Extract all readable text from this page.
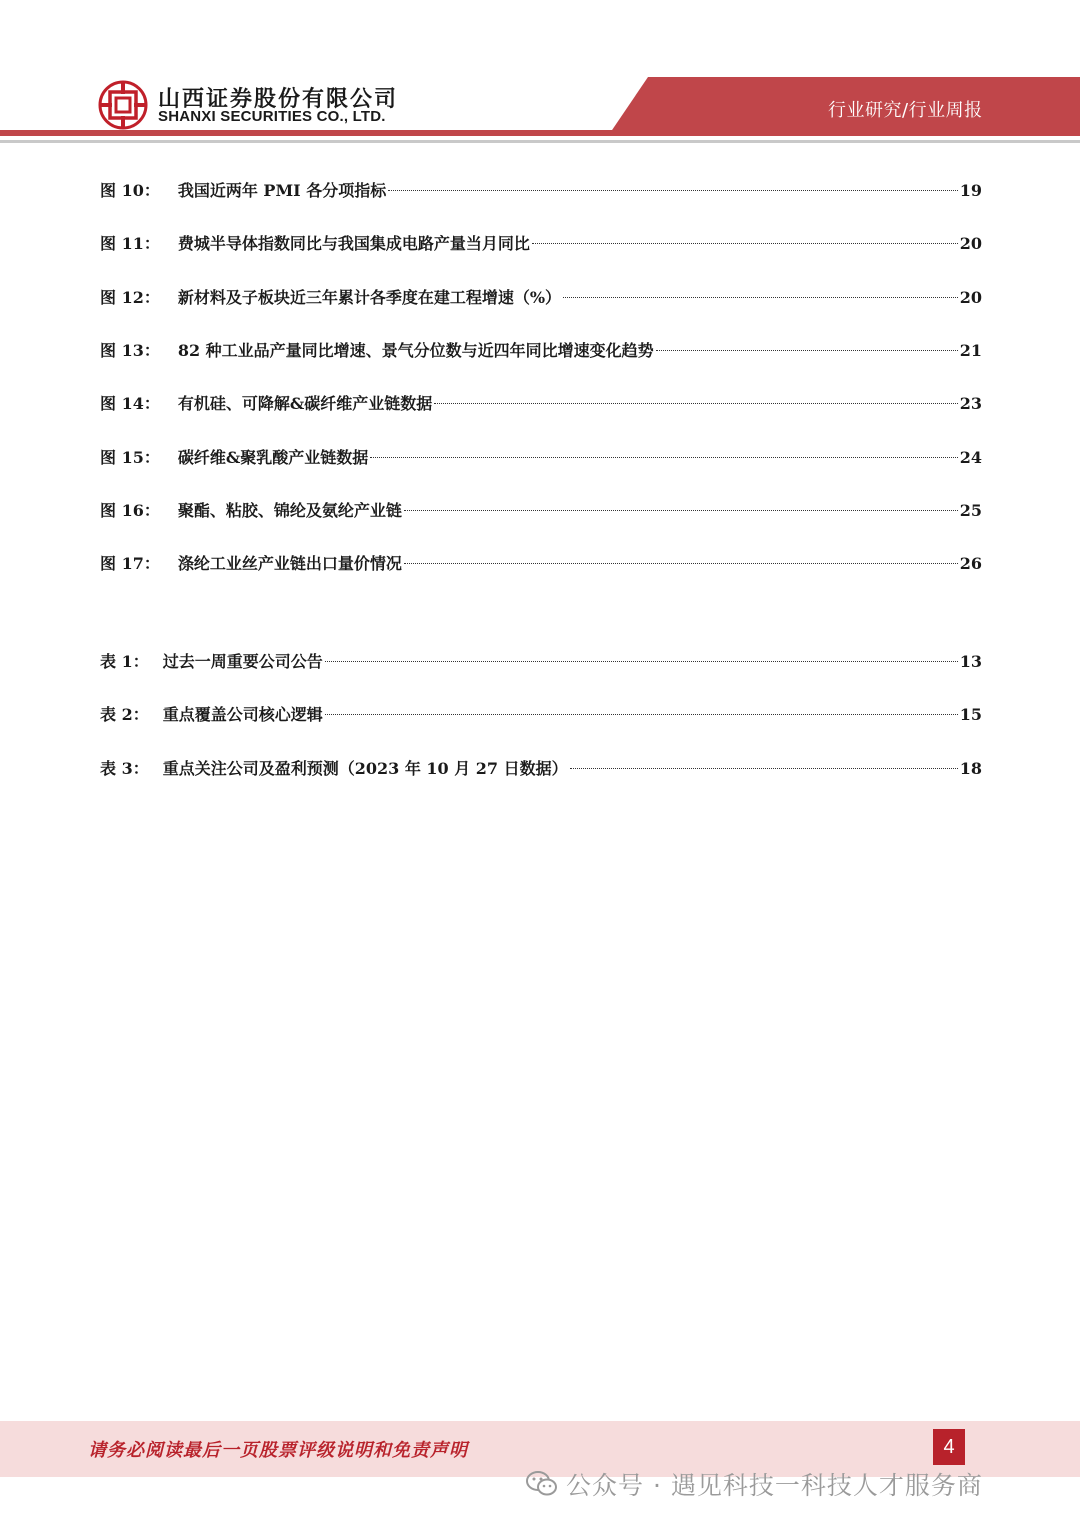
山西证券股份有限公司
SHANXI SECURITIES CO., LTD.	行业研究/行业周报
图 10： 我国近两年 PMI 各分项指标	19
图 11： 费城半导体指数同比与我国集成电路产量当月同比	20
图 12： 新材料及子板块近三年累计各季度在建工程增速（%）	20
图 13： 82 种工业品产量同比增速、景气分位数与近四年同比增速变化趋势	21
图 14： 有机硅、可降解&碳纤维产业链数据	23
图 15： 碳纤维&聚乳酸产业链数据	24
图 16： 聚酯、粘胶、锦纶及氨纶产业链	25
图 17： 涤纶工业丝产业链出口量价情况	26
表 1： 过去一周重要公司公告	13
表 2： 重点覆盖公司核心逻辑	15
表 3： 重点关注公司及盈利预测（2023 年 10 月 27 日数据）	18
请务必阅读最后一页股票评级说明和免责声明	4
公众号 · 遇见科技一科技人才服务商
